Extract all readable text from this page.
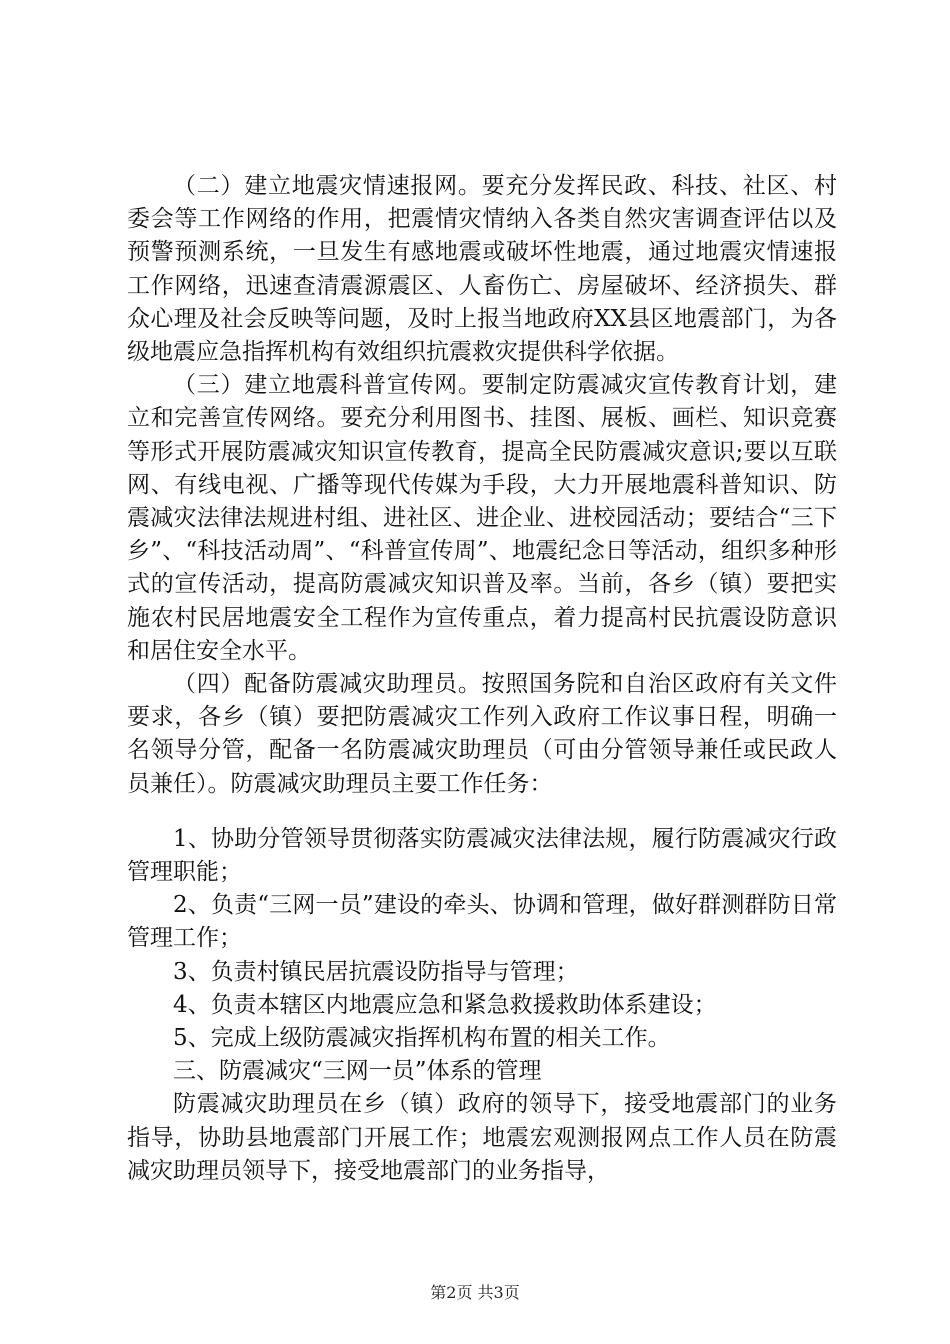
（二）建立地震灾情速报网。要充分发挥民政、科技、社区、村委会等工作网络的作用，把震情灾情纳入各类自然灾害调查评估以及预警预测系统，一旦发生有感地震或破坏性地震，通过地震灾情速报工作网络，迅速查清震源震区、人畜伤亡、房屋破坏、经济损失、群众心理及社会反映等问题，及时上报当地政府XX县区地震部门，为各级地震应急指挥机构有效组织抗震救灾提供科学依据。

（三）建立地震科普宣传网。要制定防震减灾宣传教育计划，建立和完善宣传网络。要充分利用图书、挂图、展板、画栏、知识竞赛等形式开展防震减灾知识宣传教育，提高全民防震减灾意识;要以互联网、有线电视、广播等现代传媒为手段，大力开展地震科普知识、防震减灾法律法规进村组、进社区、进企业、进校园活动；要结合“三下乡”、“科技活动周”、“科普宣传周”、地震纪念日等活动，组织多种形式的宣传活动，提高防震减灾知识普及率。当前，各乡（镇）要把实施农村民居地震安全工程作为宣传重点，着力提高村民抗震设防意识和居住安全水平。

（四）配备防震减灾助理员。按照国务院和自治区政府有关文件要求，各乡（镇）要把防震减灾工作列入政府工作议事日程，明确一名领导分管，配备一名防震减灾助理员（可由分管领导兼任或民政人员兼任）。防震减灾助理员主要工作任务：

1、协助分管领导贯彻落实防震减灾法律法规，履行防震减灾行政管理职能；

2、负责“三网一员”建设的牵头、协调和管理，做好群测群防日常管理工作；

3、负责村镇民居抗震设防指导与管理；

4、负责本辖区内地震应急和紧急救援救助体系建设；

5、完成上级防震减灾指挥机构布置的相关工作。

三、防震减灾“三网一员”体系的管理

防震减灾助理员在乡（镇）政府的领导下，接受地震部门的业务指导，协助县地震部门开展工作；地震宏观测报网点工作人员在防震减灾助理员领导下，接受地震部门的业务指导，

第2页 共3页
